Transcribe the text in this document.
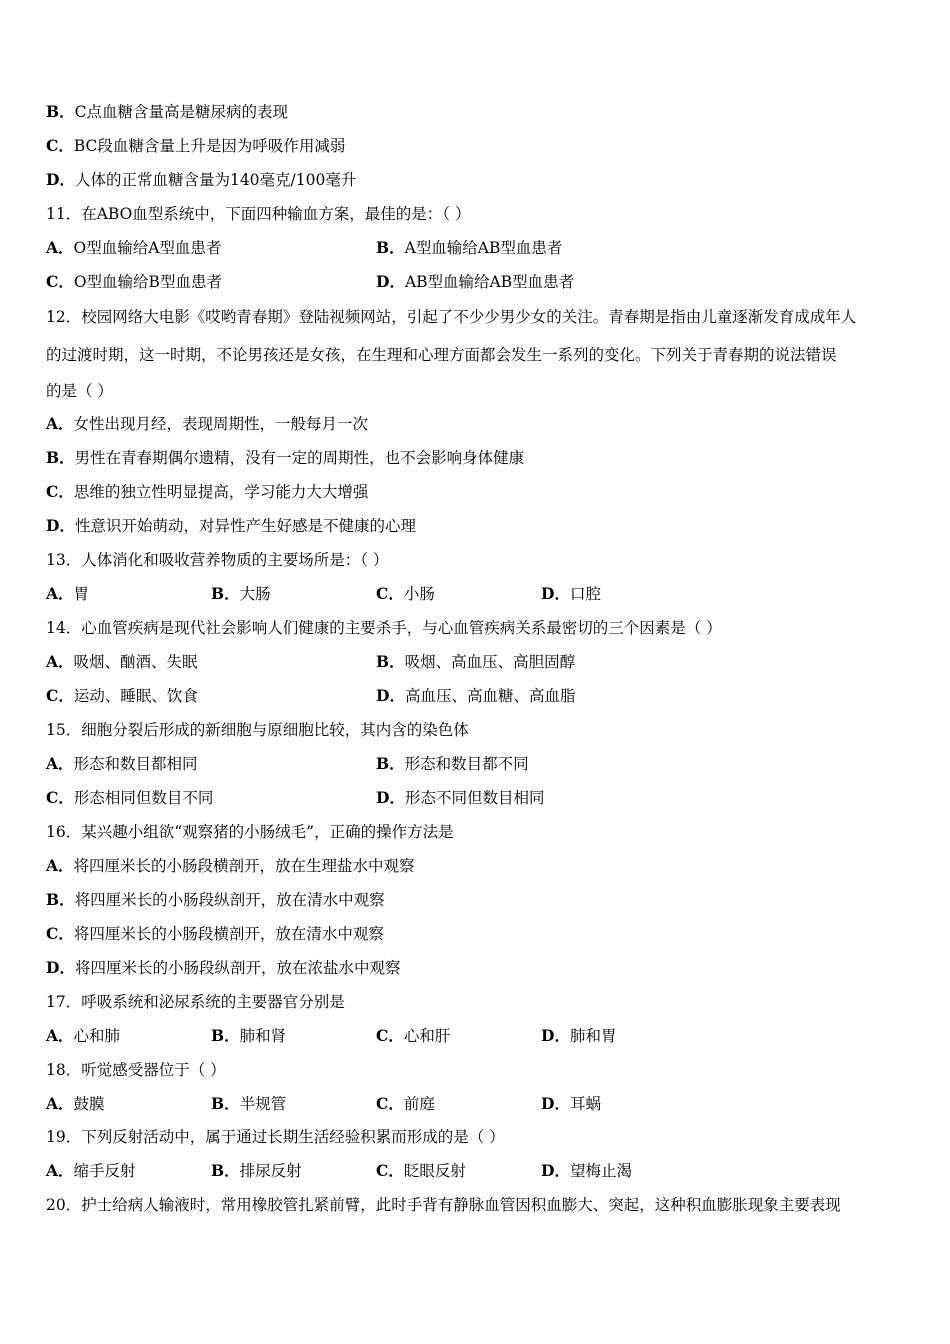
B．C点血糖含量高是糖尿病的表现
C．BC段血糖含量上升是因为呼吸作用减弱
D．人体的正常血糖含量为140毫克/100毫升
11．在ABO血型系统中，下面四种输血方案，最佳的是：（ ）
A．O型血输给A型血患者	B．A型血输给AB型血患者
C．O型血输给B型血患者	D．AB型血输给AB型血患者
12．校园网络大电影《哎哟青春期》登陆视频网站，引起了不少少男少女的关注。青春期是指由儿童逐渐发育成成年人
的过渡时期，这一时期，不论男孩还是女孩，在生理和心理方面都会发生一系列的变化。下列关于青春期的说法错误
的是（ ）
A．女性出现月经，表现周期性，一般每月一次
B．男性在青春期偶尔遗精，没有一定的周期性，也不会影响身体健康
C．思维的独立性明显提高，学习能力大大增强
D．性意识开始萌动，对异性产生好感是不健康的心理
13．人体消化和吸收营养物质的主要场所是：（ ）
A．胃	B．大肠	C．小肠	D．口腔
14．心血管疾病是现代社会影响人们健康的主要杀手，与心血管疾病关系最密切的三个因素是（ ）
A．吸烟、酗酒、失眠	B．吸烟、高血压、高胆固醇
C．运动、睡眠、饮食	D．高血压、高血糖、高血脂
15．细胞分裂后形成的新细胞与原细胞比较，其内含的染色体
A．形态和数目都相同	B．形态和数目都不同
C．形态相同但数目不同	D．形态不同但数目相同
16．某兴趣小组欲“观察猪的小肠绒毛”，正确的操作方法是
A．将四厘米长的小肠段横剖开，放在生理盐水中观察
B．将四厘米长的小肠段纵剖开，放在清水中观察
C．将四厘米长的小肠段横剖开，放在清水中观察
D．将四厘米长的小肠段纵剖开，放在浓盐水中观察
17．呼吸系统和泌尿系统的主要器官分别是
A．心和肺	B．肺和肾	C．心和肝	D．肺和胃
18．听觉感受器位于（ ）
A．鼓膜	B．半规管	C．前庭	D．耳蜗
19．下列反射活动中，属于通过长期生活经验积累而形成的是（ ）
A．缩手反射	B．排尿反射	C．眨眼反射	D．望梅止渴
20．护士给病人输液时，常用橡胶管扎紧前臂，此时手背有静脉血管因积血膨大、突起，这种积血膨胀现象主要表现
